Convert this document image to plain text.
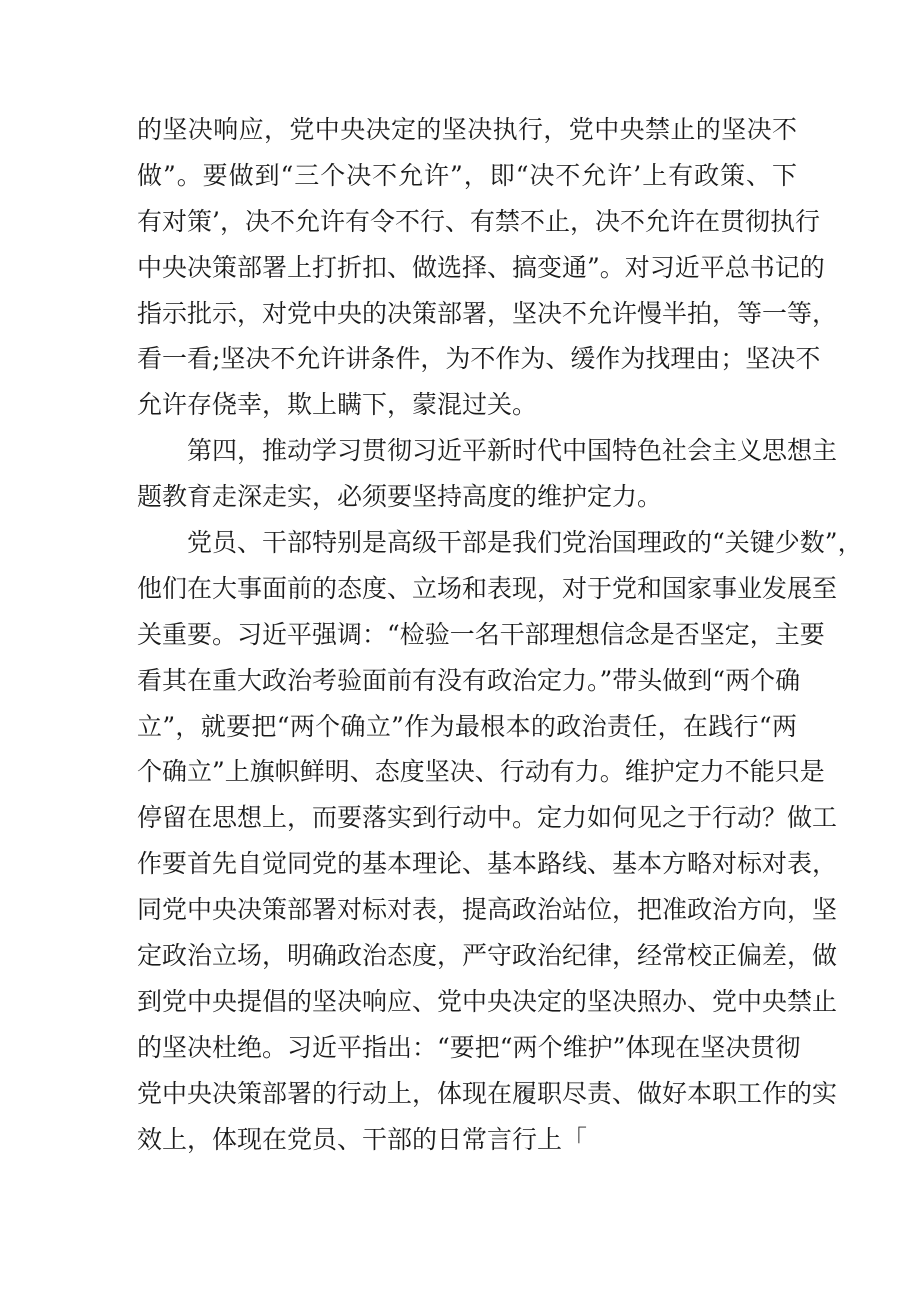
的坚决响应，党中央决定的坚决执行，党中央禁止的坚决不
做”。要做到“三个决不允许”，即“决不允许’上有政策、下
有对策’，决不允许有令不行、有禁不止，决不允许在贯彻执行
中央决策部署上打折扣、做选择、搞变通”。对习近平总书记的
指示批示，对党中央的决策部署，坚决不允许慢半拍，等一等，
看一看;坚决不允许讲条件，为不作为、缓作为找理由；坚决不
允许存侥幸，欺上瞒下，蒙混过关。
第四，推动学习贯彻习近平新时代中国特色社会主义思想主
题教育走深走实，必须要坚持高度的维护定力。
党员、干部特别是高级干部是我们党治国理政的“关键少数”，
他们在大事面前的态度、立场和表现，对于党和国家事业发展至
关重要。习近平强调：“检验一名干部理想信念是否坚定，主要
看其在重大政治考验面前有没有政治定力。”带头做到“两个确
立”，就要把“两个确立”作为最根本的政治责任，在践行“两
个确立”上旗帜鲜明、态度坚决、行动有力。维护定力不能只是
停留在思想上，而要落实到行动中。定力如何见之于行动？做工
作要首先自觉同党的基本理论、基本路线、基本方略对标对表，
同党中央决策部署对标对表，提高政治站位，把准政治方向，坚
定政治立场，明确政治态度，严守政治纪律，经常校正偏差，做
到党中央提倡的坚决响应、党中央决定的坚决照办、党中央禁止
的坚决杜绝。习近平指出：“要把“两个维护”体现在坚决贯彻
党中央决策部署的行动上，体现在履职尽责、做好本职工作的实
效上，体现在党员、干部的日常言行上「
